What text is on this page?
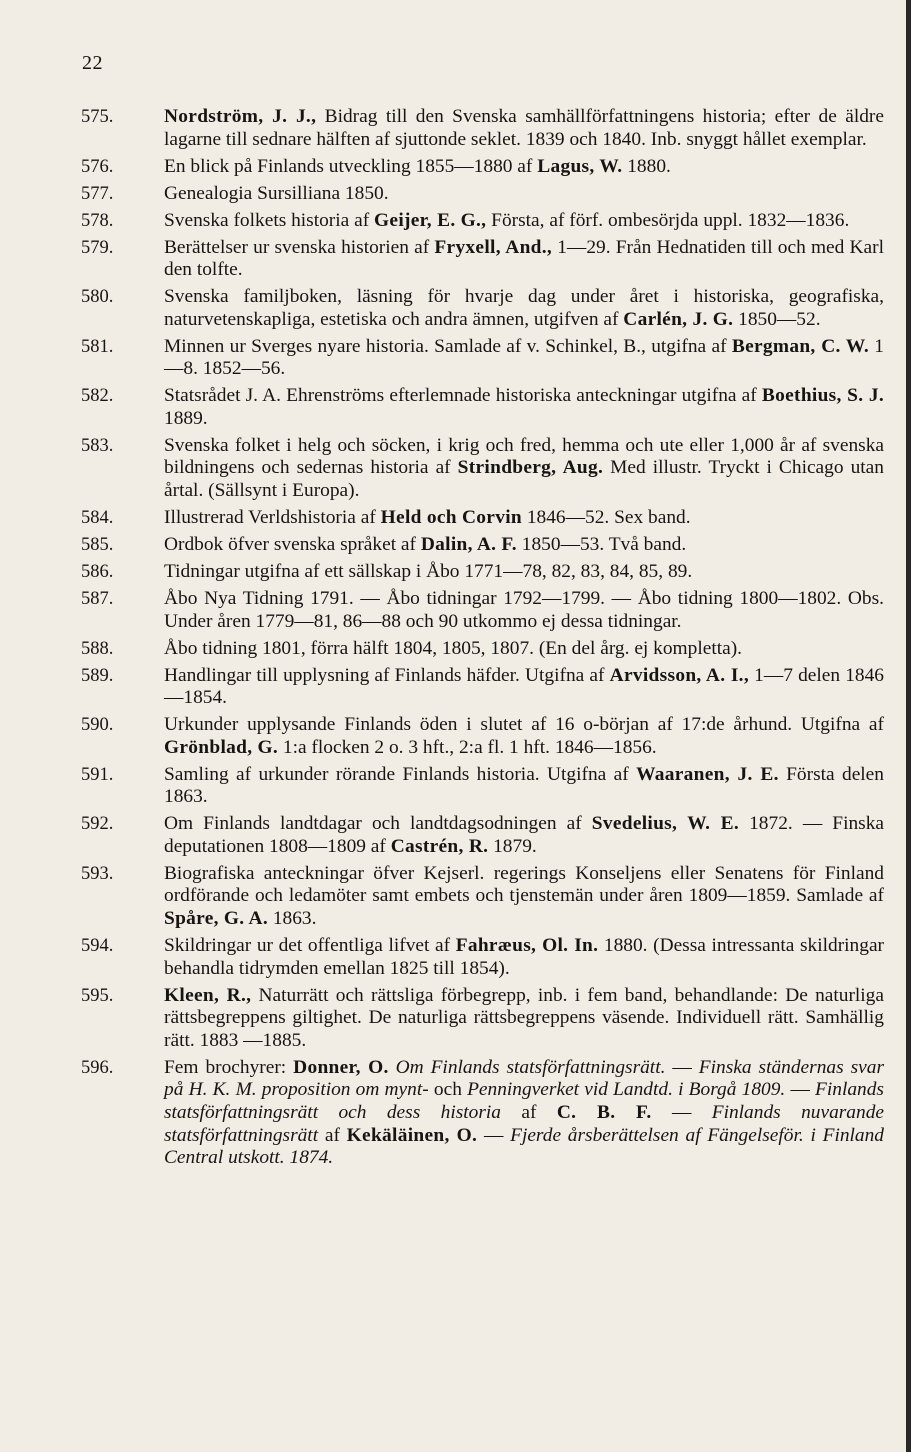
22
575.	Nordström, J. J., Bidrag till den Svenska samhällförfattningens historia; efter de äldre lagarne till sednare hälften af sjuttonde seklet. 1839 och 1840. Inb. snyggt hållet exemplar.
576.	En blick på Finlands utveckling 1855—1880 af Lagus, W. 1880.
577.	Genealogia Sursilliana 1850.
578.	Svenska folkets historia af Geijer, E. G., Första, af förf. ombesörjda uppl. 1832—1836.
579.	Berättelser ur svenska historien af Fryxell, And., 1—29. Från Hednatiden till och med Karl den tolfte.
580.	Svenska familjboken, läsning för hvarje dag under året i historiska, geografiska, naturvetenskapliga, estetiska och andra ämnen, utgifven af Carlén, J. G. 1850—52.
581.	Minnen ur Sverges nyare historia. Samlade af v. Schinkel, B., utgifna af Bergman, C. W. 1—8. 1852—56.
582.	Statsrådet J. A. Ehrenströms efterlemnade historiska anteckningar utgifna af Boethius, S. J. 1889.
583.	Svenska folket i helg och söcken, i krig och fred, hemma och ute eller 1,000 år af svenska bildningens och sedernas historia af Strindberg, Aug. Med illustr. Tryckt i Chicago utan årtal. (Sällsynt i Europa).
584.	Illustrerad Verldshistoria af Held och Corvin 1846—52. Sex band.
585.	Ordbok öfver svenska språket af Dalin, A. F. 1850—53. Två band.
586.	Tidningar utgifna af ett sällskap i Åbo 1771—78, 82, 83, 84, 85, 89.
587.	Åbo Nya Tidning 1791. — Åbo tidningar 1792—1799. — Åbo tidning 1800—1802. Obs. Under åren 1779—81, 86—88 och 90 utkommo ej dessa tidningar.
588.	Åbo tidning 1801, förra hälft 1804, 1805, 1807. (En del årg. ej kompletta).
589.	Handlingar till upplysning af Finlands häfder. Utgifna af Arvidsson, A. I., 1—7 delen 1846—1854.
590.	Urkunder upplysande Finlands öden i slutet af 16 o-början af 17:de århund. Utgifna af Grönblad, G. 1:a flocken 2 o. 3 hft., 2:a fl. 1 hft. 1846—1856.
591.	Samling af urkunder rörande Finlands historia. Utgifna af Waaranen, J. E. Första delen 1863.
592.	Om Finlands landtdagar och landtdagsodningen af Svedelius, W. E. 1872. — Finska deputationen 1808—1809 af Castrén, R. 1879.
593.	Biografiska anteckningar öfver Kejserl. regerings Konseljens eller Senatens för Finland ordförande och ledamöter samt embets och tjenstemän under åren 1809—1859. Samlade af Spåre, G. A. 1863.
594.	Skildringar ur det offentliga lifvet af Fahræus, Ol. In. 1880. (Dessa intressanta skildringar behandla tidrymden emellan 1825 till 1854).
595.	Kleen, R., Naturrätt och rättsliga förbegrepp, inb. i fem band, behandlande: De naturliga rättsbegreppens giltighet. De naturliga rättsbegreppens väsende. Individuell rätt. Samhällig rätt. 1883 —1885.
596.	Fem brochyrer: Donner, O. Om Finlands statsförfattningsrätt. — Finska ständernas svar på H. K. M. proposition om mynt- och Penningverket vid Landtd. i Borgå 1809. — Finlands statsförfattningsrätt och dess historia af C. B. F. — Finlands nuvarande statsförfattningsrätt af Kekäläinen, O. — Fjerde årsberättelsen af Fängelseför. i Finland Central utskott. 1874.
